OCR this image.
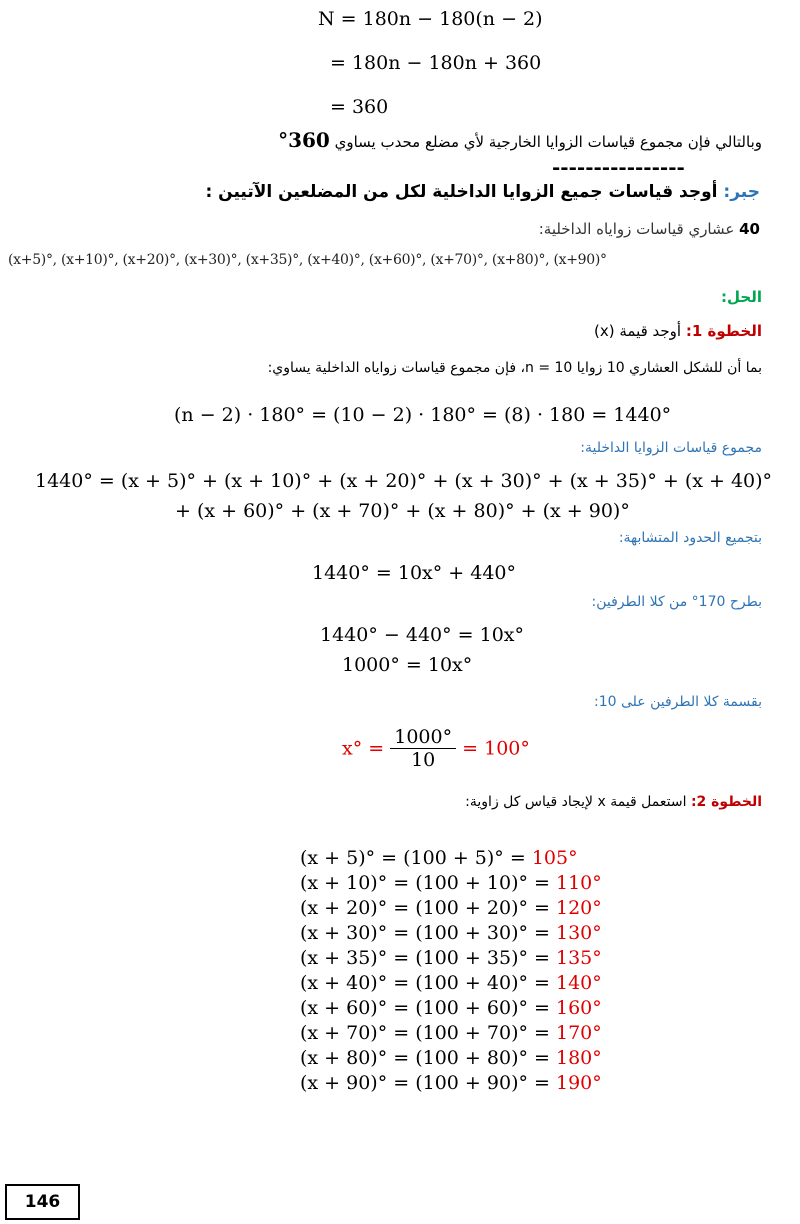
N = 180n − 180(n − 2)
= 180n − 180n + 360
= 360
وبالتالي فإن مجموع قياسات الزوايا الخارجية لأي مضلع محدب يساوي 360°
----------------
جبر: أوجد قياسات جميع الزوايا الداخلية لكل من المضلعين الآتيين :
40 عشاري قياسات زواياه الداخلية:
(x+5)°, (x+10)°, (x+20)°, (x+30)°, (x+35)°, (x+40)°, (x+60)°, (x+70)°, (x+80)°, (x+90)°
الحل:
الخطوة 1: أوجد قيمة (x)
بما أن للشكل العشاري 10 زوايا n = 10، فإن مجموع قياسات زواياه الداخلية يساوي:
(n − 2) · 180° = (10 − 2) · 180° = (8) · 180 = 1440°
مجموع قياسات الزوايا الداخلية:
1440° = (x + 5)° + (x + 10)° + (x + 20)° + (x + 30)° + (x + 35)° + (x + 40)°
+ (x + 60)° + (x + 70)° + (x + 80)° + (x + 90)°
بتجميع الحدود المتشابهة:
1440° = 10x° + 440°
بطرح 170° من كلا الطرفين:
1440° − 440° = 10x°
1000° = 10x°
بقسمة كلا الطرفين على 10:
$x^\circ = \frac{1000^\circ}{10} = 100^\circ$
الخطوة 2: استعمل قيمة x لإيجاد قياس كل زاوية:
(x + 5)° = (100 + 5)° = 105°
(x + 10)° = (100 + 10)° = 110°
(x + 20)° = (100 + 20)° = 120°
(x + 30)° = (100 + 30)° = 130°
(x + 35)° = (100 + 35)° = 135°
(x + 40)° = (100 + 40)° = 140°
(x + 60)° = (100 + 60)° = 160°
(x + 70)° = (100 + 70)° = 170°
(x + 80)° = (100 + 80)° = 180°
(x + 90)° = (100 + 90)° = 190°
146
